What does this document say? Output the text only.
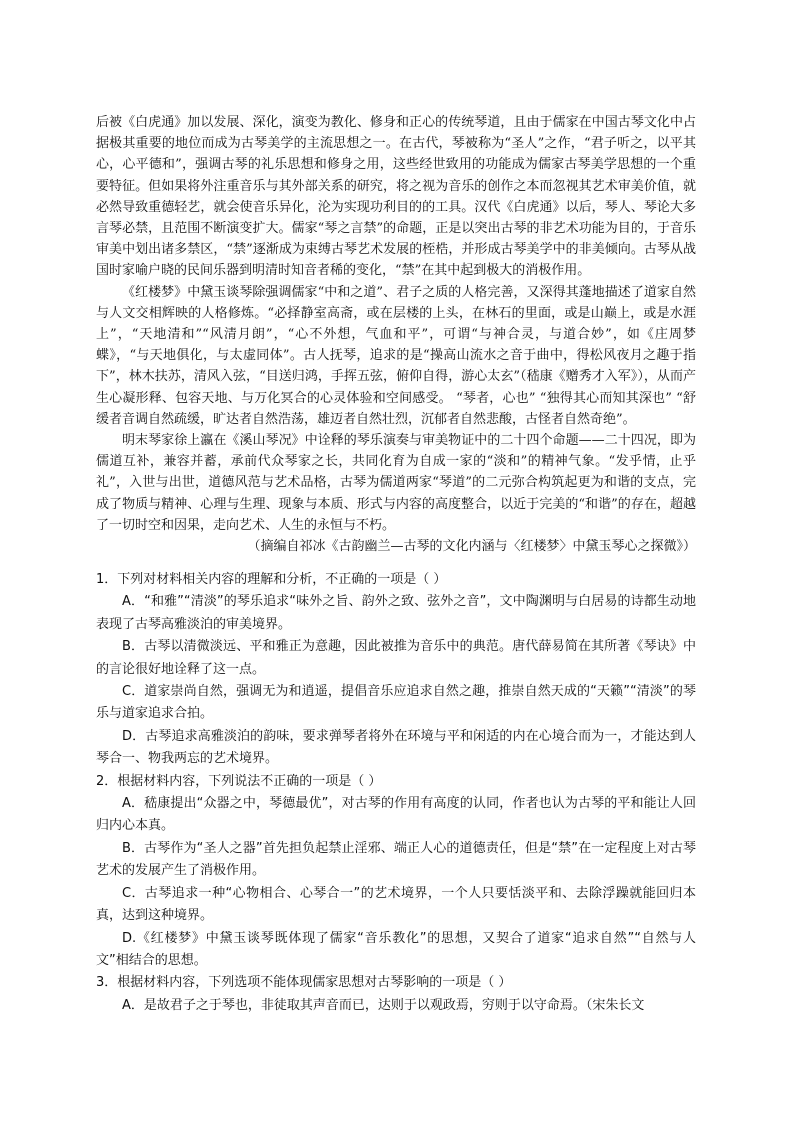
后被《白虎通》加以发展、深化，演变为教化、修身和正心的传统琴道，且由于儒家在中国古琴文化中占据极其重要的地位而成为古琴美学的主流思想之一。在古代，琴被称为“圣人”之作，“君子听之，以平其心，心平德和”，强调古琴的礼乐思想和修身之用，这些经世致用的功能成为儒家古琴美学思想的一个重要特征。但如果将外注重音乐与其外部关系的研究，将之视为音乐的创作之本而忽视其艺术审美价值，就必然导致重德轻艺，就会使音乐异化，沦为实现功利目的的工具。汉代《白虎通》以后，琴人、琴论大多言琴必禁，且范围不断演变扩大。儒家“琴之言禁”的命题，正是以突出古琴的非艺术功能为目的，于音乐审美中划出诸多禁区，“禁”逐渐成为束缚古琴艺术发展的桎梏，并形成古琴美学中的非美倾向。古琴从战国时家喻户晓的民间乐器到明清时知音者稀的变化，“禁”在其中起到极大的消极作用。

《红楼梦》中黛玉谈琴除强调儒家“中和之道”、君子之质的人格完善，又深得其蓬地描述了道家自然与人文交相辉映的人格修炼。“必择静室高斋，或在层楼的上头，在林石的里面，或是山巅上，或是水涯上”，“天地清和”“风清月朗”，“心不外想，气血和平”，可谓“与神合灵，与道合妙”，如《庄周梦蝶》，“与天地俱化，与太虚同体”。古人抚琴，追求的是“操高山流水之音于曲中，得松风夜月之趣于指下”，林木扶苏，清风入弦，“目送归鸿，手挥五弦，俯仰自得，游心太玄”（嵇康《赠秀才入军》），从而产生心凝形释、包容天地、与万化冥合的心灵体验和空间感受。 “琴者，心也” “独得其心而知其深也” “舒缓者音调自然疏缓，旷达者自然浩荡，雄迈者自然壮烈，沉郁者自然悲酸，古怪者自然奇绝”。

明末琴家徐上瀛在《溪山琴况》中诠释的琴乐演奏与审美物证中的二十四个命题——二十四况，即为儒道互补，兼容并蓄，承前代众琴家之长，共同化育为自成一家的“淡和”的精神气象。“发乎情，止乎礼”，入世与出世，道德风范与艺术品格，古琴为儒道两家“琴道”的二元弥合构筑起更为和谐的支点，完成了物质与精神、心理与生理、现象与本质、形式与内容的高度整合，以近于完美的“和谐”的存在，超越了一切时空和因果，走向艺术、人生的永恒与不朽。

（摘编自祁冰《古韵幽兰—古琴的文化内涵与〈红楼梦〉中黛玉琴心之探微》）

1．下列对材料相关内容的理解和分析，不正确的一项是（ ）

A．“和雅”“清淡”的琴乐追求“味外之旨、韵外之致、弦外之音”，文中陶渊明与白居易的诗都生动地表现了古琴高雅淡泊的审美境界。

B．古琴以清微淡远、平和雅正为意趣，因此被推为音乐中的典范。唐代薛易简在其所著《琴诀》中的言论很好地诠释了这一点。

C．道家崇尚自然，强调无为和逍遥，提倡音乐应追求自然之趣，推崇自然天成的“天籁”“清淡”的琴乐与道家追求合拍。

D．古琴追求高雅淡泊的韵味，要求弹琴者将外在环境与平和闲适的内在心境合而为一，才能达到人琴合一、物我两忘的艺术境界。

2．根据材料内容，下列说法不正确的一项是（ ）

A．嵇康提出“众器之中，琴德最优”，对古琴的作用有高度的认同，作者也认为古琴的平和能让人回归内心本真。

B．古琴作为“圣人之器”首先担负起禁止淫邪、端正人心的道德责任，但是“禁”在一定程度上对古琴艺术的发展产生了消极作用。

C．古琴追求一种“心物相合、心琴合一”的艺术境界，一个人只要恬淡平和、去除浮躁就能回归本真，达到这种境界。

D.《红楼梦》中黛玉谈琴既体现了儒家“音乐教化”的思想，又契合了道家“追求自然”“自然与人文”相结合的思想。

3．根据材料内容，下列选项不能体现儒家思想对古琴影响的一项是（ ）

A．是故君子之于琴也，非徒取其声音而已，达则于以观政焉，穷则于以守命焉。（宋朱长文
